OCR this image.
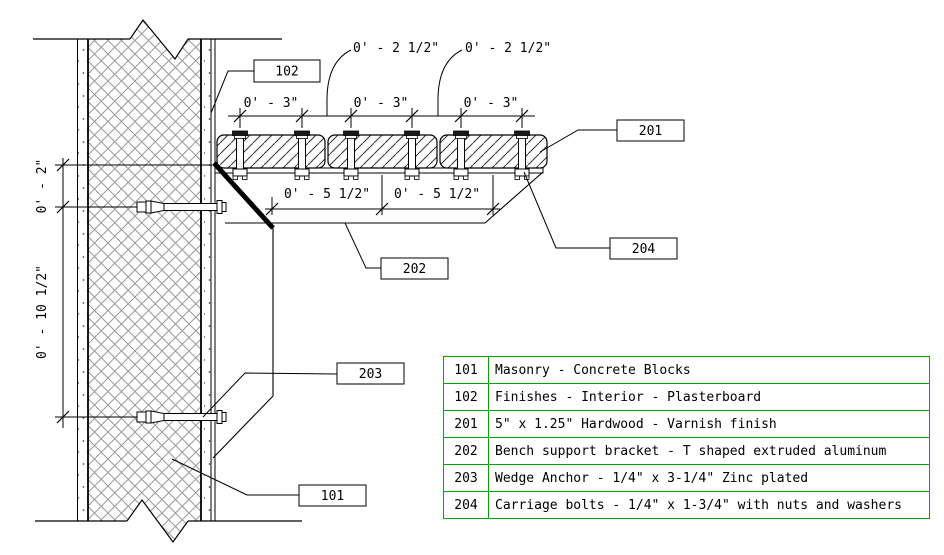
0' - 3"	0' - 3"	0' - 3"
0' - 2 1/2" 0' - 2 1/2"
0' - 5 1/2" 0' - 5 1/2"
0' - 2"
0' - 10 1/2"
102
201
204
202
203
101
101	Masonry - Concrete Blocks
102	Finishes - Interior - Plasterboard
201	5" x 1.25" Hardwood - Varnish finish
202	Bench support bracket - T shaped extruded aluminum
203	Wedge Anchor - 1/4" x 3-1/4" Zinc plated
204	Carriage bolts - 1/4" x 1-3/4" with nuts and washers
